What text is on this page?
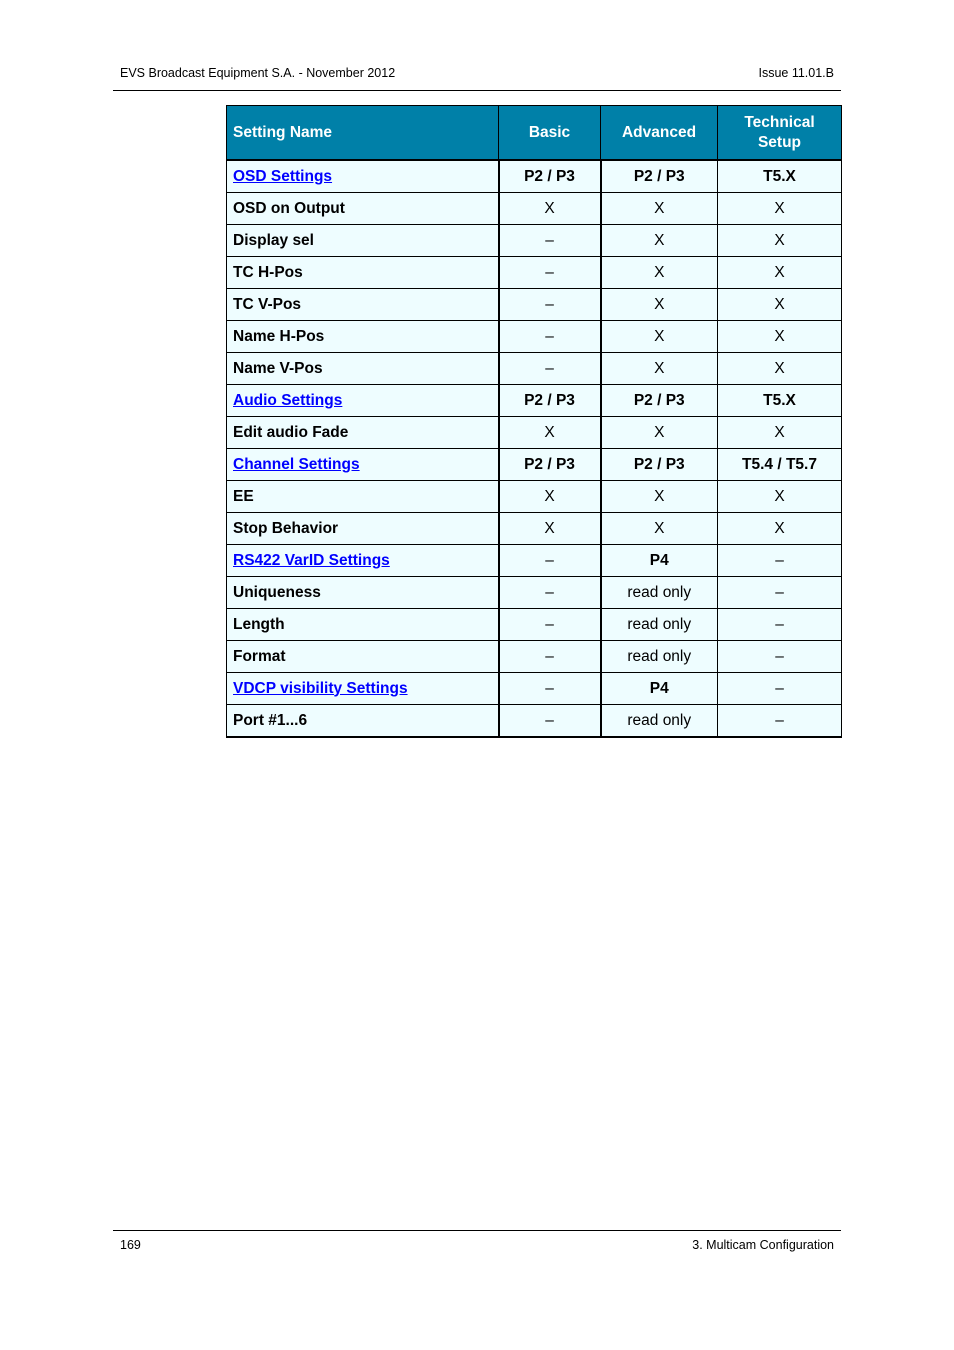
EVS Broadcast Equipment S.A. - November 2012	Issue 11.01.B
Setting Name	Basic	Advanced	Technical Setup
OSD Settings	P2 / P3	P2 / P3	T5.X
OSD on Output	X	X	X
Display sel	–	X	X
TC H-Pos	–	X	X
TC V-Pos	–	X	X
Name H-Pos	–	X	X
Name V-Pos	–	X	X
Audio Settings	P2 / P3	P2 / P3	T5.X
Edit audio Fade	X	X	X
Channel Settings	P2 / P3	P2 / P3	T5.4 / T5.7
EE	X	X	X
Stop Behavior	X	X	X
RS422 VarID Settings	–	P4	–
Uniqueness	–	read only	–
Length	–	read only	–
Format	–	read only	–
VDCP visibility Settings	–	P4	–
Port #1...6	–	read only	–
169	3. Multicam Configuration
